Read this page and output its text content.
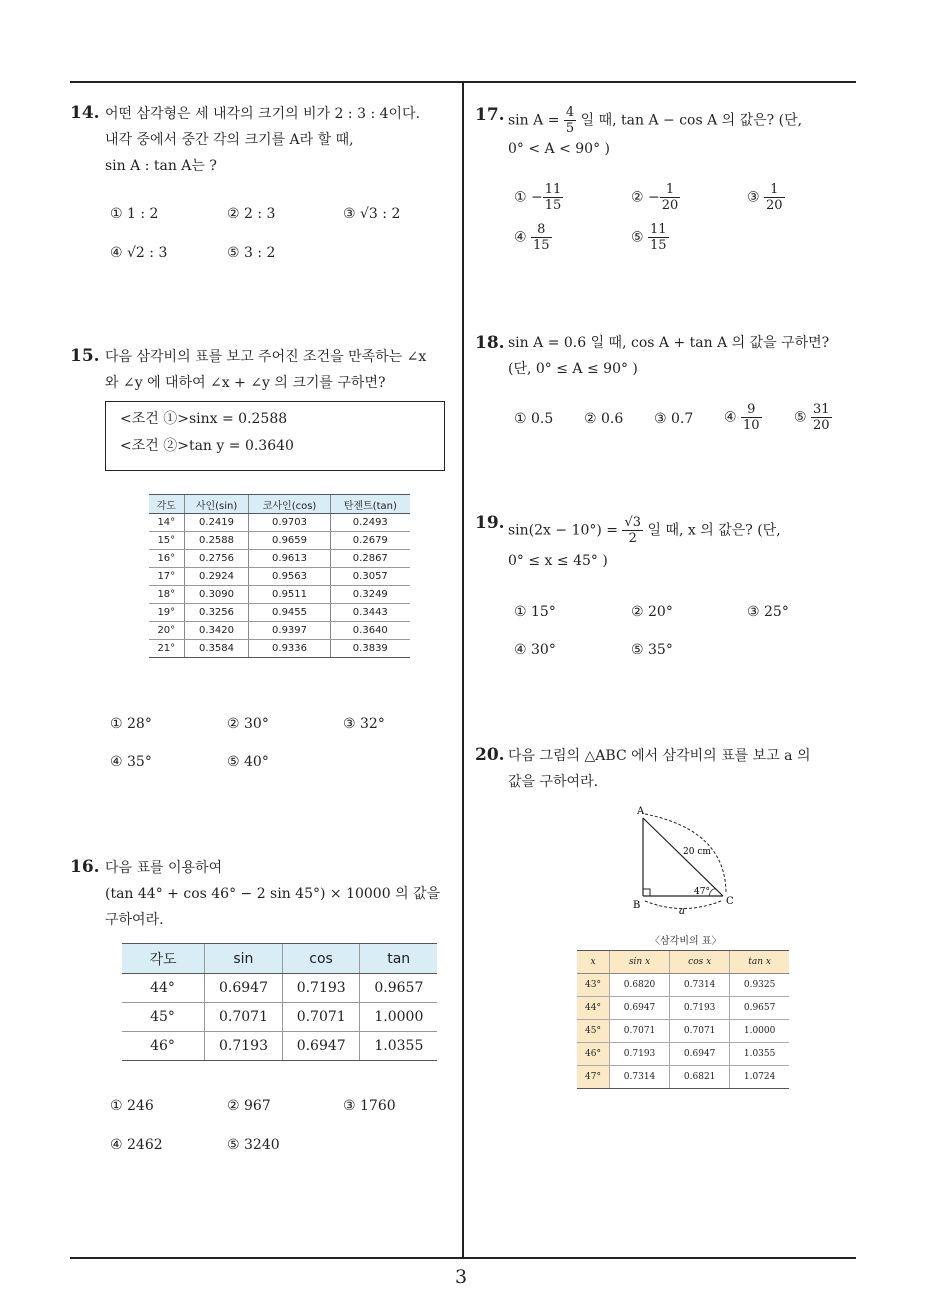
3
14. 어떤 삼각형은 세 내각의 크기의 비가 2 : 3 : 4이다.
내각 중에서 중간 각의 크기를 A라 할 때,
sin A : tan A는 ?
① 1 : 2	② 2 : 3	③ √3 : 2
④ √2 : 3	⑤ 3 : 2
15. 다음 삼각비의 표를 보고 주어진 조건을 만족하는 ∠x
와 ∠y 에 대하여 ∠x + ∠y 의 크기를 구하면?
<조건 ①>sinx = 0.2588
<조건 ②>tan y = 0.3640
각도	사인(sin)	코사인(cos)	탄젠트(tan)
14°	0.2419	0.9703	0.2493
15°	0.2588	0.9659	0.2679
16°	0.2756	0.9613	0.2867
17°	0.2924	0.9563	0.3057
18°	0.3090	0.9511	0.3249
19°	0.3256	0.9455	0.3443
20°	0.3420	0.9397	0.3640
21°	0.3584	0.9336	0.3839
① 28°	② 30°	③ 32°
④ 35°	⑤ 40°
16. 다음 표를 이용하여
(tan 44° + cos 46° − 2 sin 45°) × 10000 의 값을
구하여라.
각도	sin	cos	tan
44°	0.6947	0.7193	0.9657
45°	0.7071	0.7071	1.0000
46°	0.7193	0.6947	1.0355
① 246	② 967	③ 1760
④ 2462	⑤ 3240
17. $\sin A = \frac{4}{5}$ 일 때, tan A − cos A 의 값은? (단,
0° < A < 90° )
① − $\frac{11}{15}$	② − $\frac{1}{20}$	③ $\frac{1}{20}$
④ $\frac{8}{15}$	⑤ $\frac{11}{15}$
18. sin A = 0.6 일 때, cos A + tan A 의 값을 구하면?
(단, 0° ≤ A ≤ 90° )
① 0.5 ② 0.6 ③ 0.7 ④ $\frac{9}{10}$ ⑤ $\frac{31}{20}$
19. $\sin(2x - 10^\circ) = \frac{√3}{2}$ 일 때, x 의 값은? (단,
0° ≤ x ≤ 45° )
① 15°	② 20°	③ 25°
④ 30°	⑤ 35°
20. 다음 그림의 △ABC 에서 삼각비의 표를 보고 a 의
값을 구하여라.
A
B	C
20 cm
47°
a
〈삼각비의 표〉
x	sin x	cos x	tan x
43°	0.6820	0.7314	0.9325
44°	0.6947	0.7193	0.9657
45°	0.7071	0.7071	1.0000
46°	0.7193	0.6947	1.0355
47°	0.7314	0.6821	1.0724
